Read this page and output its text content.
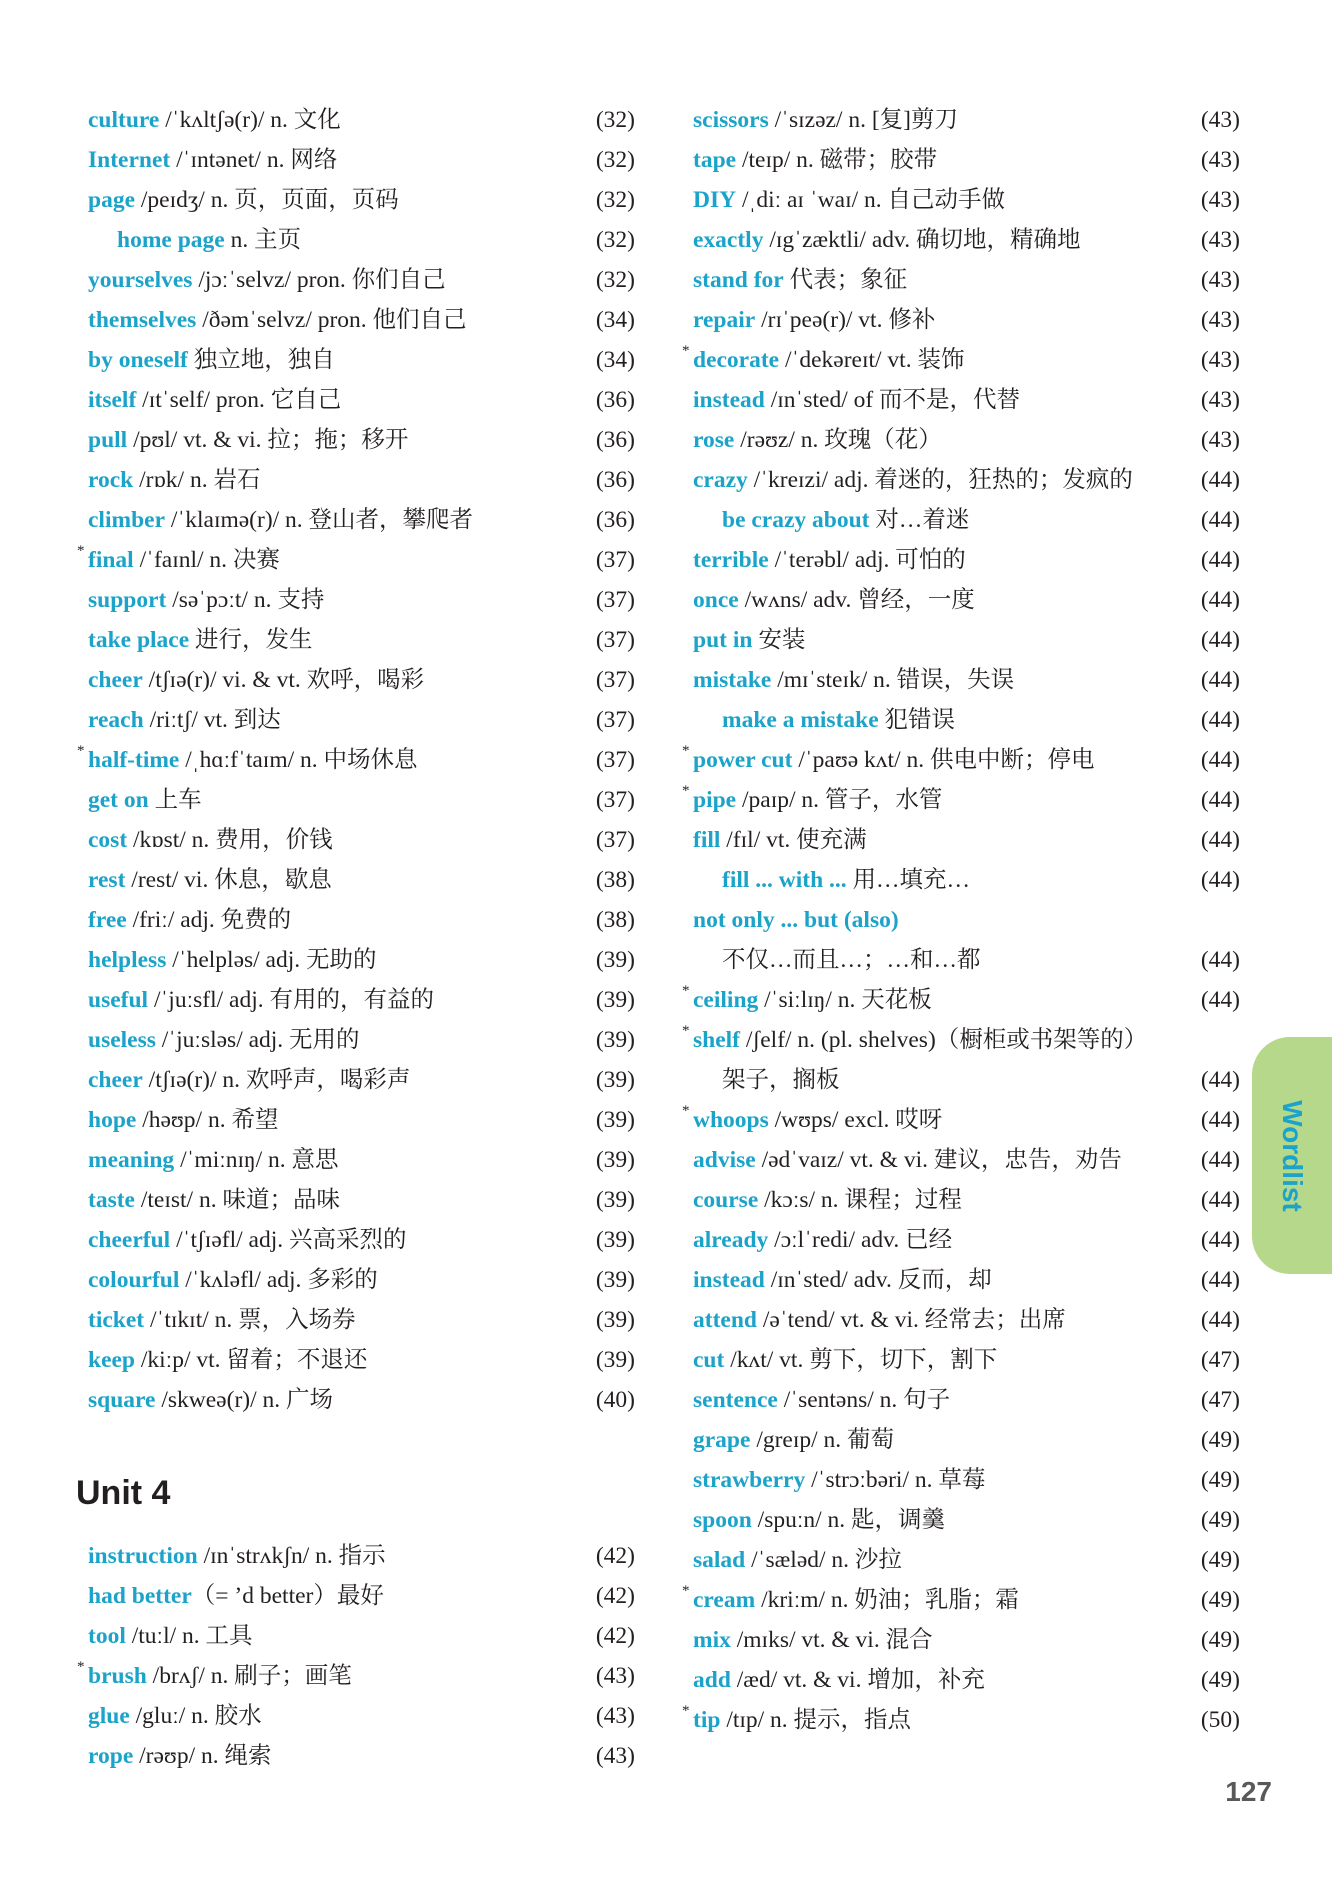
culture /ˈkʌltʃə(r)/ n. 文化	(32)
Internet /ˈɪntənet/ n. 网络	(32)
page /peɪdʒ/ n. 页，页面，页码	(32)
home page n. 主页	(32)
yourselves /jɔːˈselvz/ pron. 你们自己	(32)
themselves /ðəmˈselvz/ pron. 他们自己	(34)
by oneself 独立地，独自	(34)
itself /ɪtˈself/ pron. 它自己	(36)
pull /pʊl/ vt. & vi. 拉；拖；移开	(36)
rock /rɒk/ n. 岩石	(36)
climber /ˈklaɪmə(r)/ n. 登山者，攀爬者	(36)
* final /ˈfaɪnl/ n. 决赛	(37)
support /səˈpɔːt/ n. 支持	(37)
take place 进行，发生	(37)
cheer /tʃɪə(r)/ vi. & vt. 欢呼，喝彩	(37)
reach /riːtʃ/ vt. 到达	(37)
* half-time /ˌhɑːfˈtaɪm/ n. 中场休息	(37)
get on 上车	(37)
cost /kɒst/ n. 费用，价钱	(37)
rest /rest/ vi. 休息，歇息	(38)
free /friː/ adj. 免费的	(38)
helpless /ˈhelpləs/ adj. 无助的	(39)
useful /ˈjuːsfl/ adj. 有用的，有益的	(39)
useless /ˈjuːsləs/ adj. 无用的	(39)
cheer /tʃɪə(r)/ n. 欢呼声，喝彩声	(39)
hope /həʊp/ n. 希望	(39)
meaning /ˈmiːnɪŋ/ n. 意思	(39)
taste /teɪst/ n. 味道；品味	(39)
cheerful /ˈtʃɪəfl/ adj. 兴高采烈的	(39)
colourful /ˈkʌləfl/ adj. 多彩的	(39)
ticket /ˈtɪkɪt/ n. 票，入场券	(39)
keep /kiːp/ vt. 留着；不退还	(39)
square /skweə(r)/ n. 广场	(40)
Unit 4
instruction /ɪnˈstrʌkʃn/ n. 指示	(42)
had better（= ’d better）最好	(42)
tool /tuːl/ n. 工具	(42)
* brush /brʌʃ/ n. 刷子；画笔	(43)
glue /gluː/ n. 胶水	(43)
rope /rəʊp/ n. 绳索	(43)
scissors /ˈsɪzəz/ n. [复]剪刀	(43)
tape /teɪp/ n. 磁带；胶带	(43)
DIY /ˌdiː aɪ ˈwaɪ/ n. 自己动手做	(43)
exactly /ɪgˈzæktli/ adv. 确切地，精确地	(43)
stand for 代表；象征	(43)
repair /rɪˈpeə(r)/ vt. 修补	(43)
* decorate /ˈdekəreɪt/ vt. 装饰	(43)
instead /ɪnˈsted/ of 而不是，代替	(43)
rose /rəʊz/ n. 玫瑰（花）	(43)
crazy /ˈkreɪzi/ adj. 着迷的，狂热的；发疯的	(44)
be crazy about 对…着迷	(44)
terrible /ˈterəbl/ adj. 可怕的	(44)
once /wʌns/ adv. 曾经，一度	(44)
put in 安装	(44)
mistake /mɪˈsteɪk/ n. 错误，失误	(44)
make a mistake 犯错误	(44)
* power cut /ˈpaʊə kʌt/ n. 供电中断；停电	(44)
* pipe /paɪp/ n. 管子，水管	(44)
fill /fɪl/ vt. 使充满	(44)
fill ... with ... 用…填充…	(44)
not only ... but (also)
不仅…而且…；…和…都	(44)
* ceiling /ˈsiːlɪŋ/ n. 天花板	(44)
* shelf /ʃelf/ n. (pl. shelves)（橱柜或书架等的）
架子，搁板	(44)
* whoops /wʊps/ excl. 哎呀	(44)
advise /ədˈvaɪz/ vt. & vi. 建议，忠告，劝告	(44)
course /kɔːs/ n. 课程；过程	(44)
already /ɔːlˈredi/ adv. 已经	(44)
instead /ɪnˈsted/ adv. 反而，却	(44)
attend /əˈtend/ vt. & vi. 经常去；出席	(44)
cut /kʌt/ vt. 剪下，切下，割下	(47)
sentence /ˈsentəns/ n. 句子	(47)
grape /greɪp/ n. 葡萄	(49)
strawberry /ˈstrɔːbəri/ n. 草莓	(49)
spoon /spuːn/ n. 匙，调羹	(49)
salad /ˈsæləd/ n. 沙拉	(49)
* cream /kriːm/ n. 奶油；乳脂；霜	(49)
mix /mɪks/ vt. & vi. 混合	(49)
add /æd/ vt. & vi. 增加，补充	(49)
* tip /tɪp/ n. 提示，指点	(50)
Wordlist
127
